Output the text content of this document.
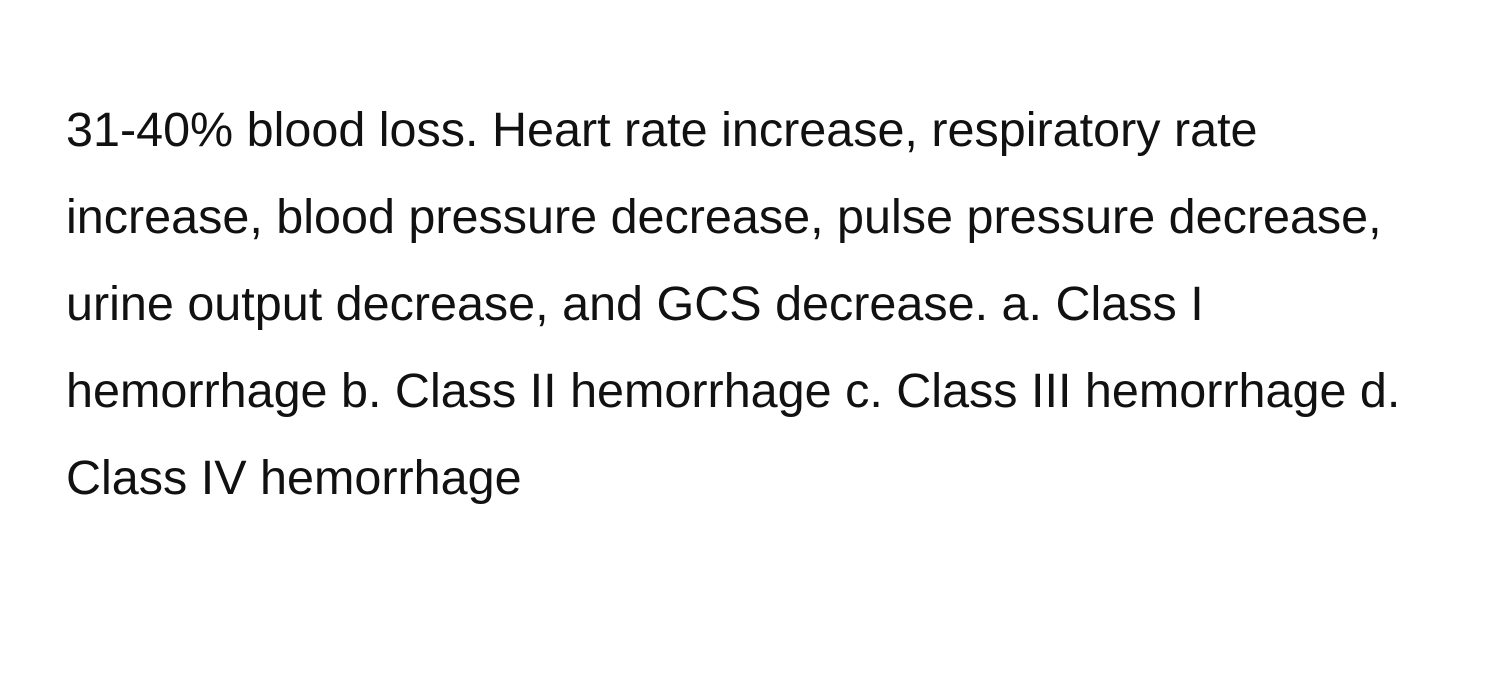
31-40% blood loss. Heart rate increase, respiratory rate increase, blood pressure decrease, pulse pressure decrease, urine output decrease, and GCS decrease. a. Class I hemorrhage b. Class II hemorrhage c. Class III hemorrhage d. Class IV hemorrhage
